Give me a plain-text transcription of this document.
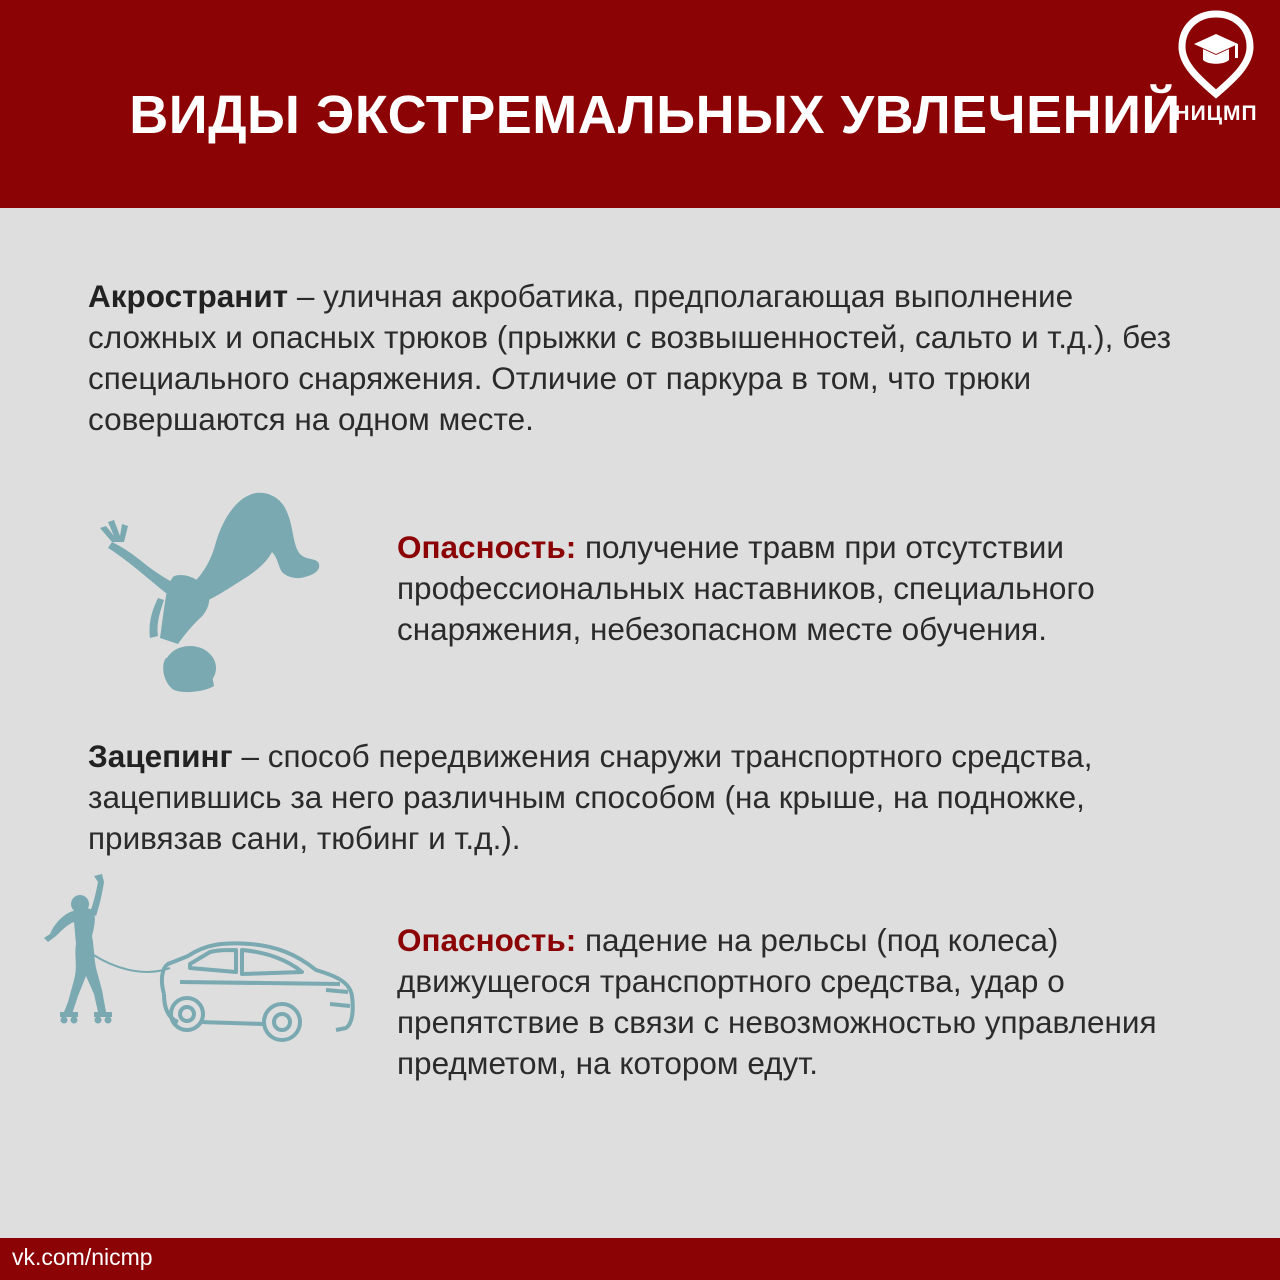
ВИДЫ ЭКСТРЕМАЛЬНЫХ УВЛЕЧЕНИЙ
НИЦМП
Акространит – уличная акробатика, предполагающая выполнение сложных и опасных трюков (прыжки с возвышенностей, сальто и т.д.), без специального снаряжения. Отличие от паркура в том, что трюки совершаются на одном месте.
Опасность: получение травм при отсутствии профессиональных наставников, специального снаряжения, небезопасном месте обучения.
Зацепинг – способ передвижения снаружи транспортного средства, зацепившись за него различным способом (на крыше, на подножке, привязав сани, тюбинг и т.д.).
Опасность: падение на рельсы (под колеса) движущегося транспортного средства, удар о препятствие в связи с невозможностью управления предметом, на котором едут.
vk.com/nicmp
